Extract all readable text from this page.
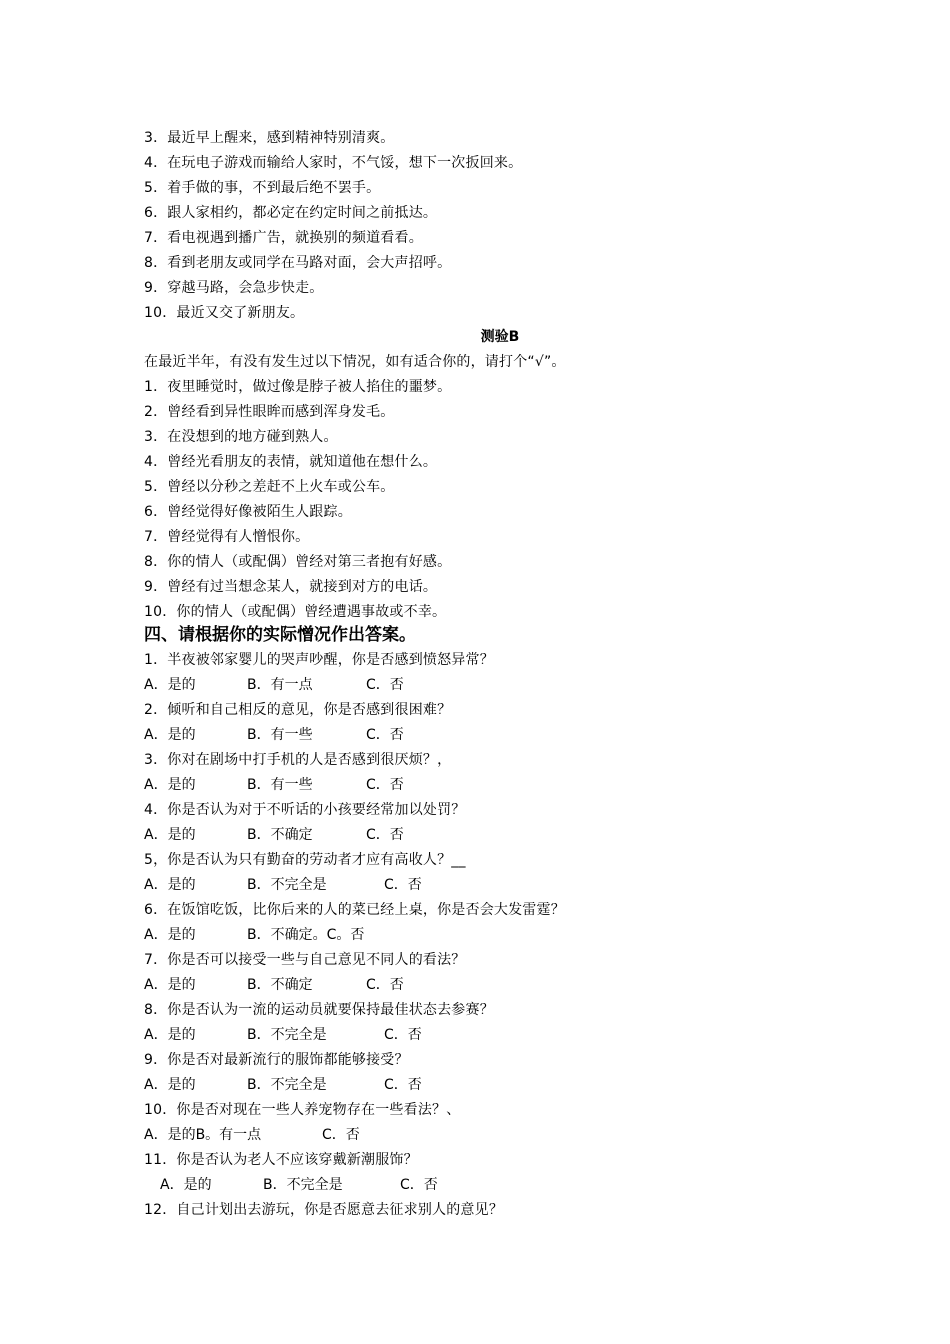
3．最近早上醒来，感到精神特别清爽。
4．在玩电子游戏而输给人家时，不气馁，想下一次扳回来。
5．着手做的事，不到最后绝不罢手。
6．跟人家相约，都必定在约定时间之前抵达。
7．看电视遇到播广告，就换别的频道看看。
8．看到老朋友或同学在马路对面，会大声招呼。
9．穿越马路，会急步快走。
10．最近又交了新朋友。
测验B
在最近半年，有没有发生过以下情况，如有适合你的，请打个“√”。
1．夜里睡觉时，做过像是脖子被人掐住的噩梦。
2．曾经看到异性眼眸而感到浑身发毛。
3．在没想到的地方碰到熟人。
4．曾经光看朋友的表情，就知道他在想什么。
5．曾经以分秒之差赶不上火车或公车。
6．曾经觉得好像被陌生人跟踪。
7．曾经觉得有人憎恨你。
8．你的情人（或配偶）曾经对第三者抱有好感。
9．曾经有过当想念某人，就接到对方的电话。
10．你的情人（或配偶）曾经遭遇事故或不幸。
四、请根据你的实际憎况作出答案。
1．半夜被邻家婴儿的哭声吵醒，你是否感到愤怒异常？
A．是的	B．有一点	C．否
2．倾听和自己相反的意见，你是否感到很困难？
A．是的	B．有一些	C．否
3．你对在剧场中打手机的人是否感到很厌烦？，
A．是的	B．有一些	C．否
4．你是否认为对于不听话的小孩要经常加以处罚？
A．是的	B．不确定	C．否
5，你是否认为只有勤奋的劳动者才应有高收人？__
A．是的	B．不完全是	C．否
6．在饭馆吃饭，比你后来的人的菜已经上桌，你是否会大发雷霆？
A．是的	B．不确定。C。否
7．你是否可以接受一些与自己意见不同人的看法？
A．是的	B．不确定	C．否
8．你是否认为一流的运动员就要保持最佳状态去参赛？
A．是的	B．不完全是	C．否
9．你是否对最新流行的服饰都能够接受？
A．是的	B．不完全是	C．否
10．你是否对现在一些人养宠物存在一些看法？、
A．是的B。有一点	C．否
11．你是否认为老人不应该穿戴新潮服饰？
A．是的	B．不完全是	C．否
12．自己计划出去游玩，你是否愿意去征求别人的意见？
